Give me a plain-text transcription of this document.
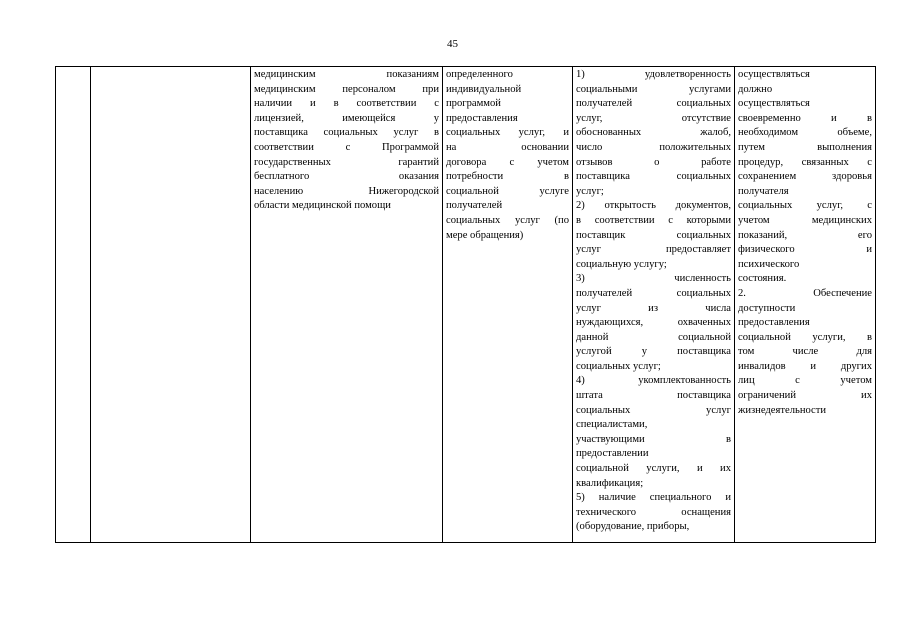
45

медицинским показаниям
медицинским персоналом при
наличии и в соответствии с
лицензией, имеющейся у
поставщика социальных услуг в
соответствии с Программой
государственных гарантий
бесплатного оказания
населению Нижегородской
области медицинской помощи

определенного
индивидуальной
программой
предоставления
социальных услуг, и
на основании
договора с учетом
потребности в
социальной услуге
получателей
социальных услуг (по
мере обращения)

1) удовлетворенность
социальными услугами
получателей социальных
услуг, отсутствие
обоснованных жалоб,
число положительных
отзывов о работе
поставщика социальных
услуг;
2) открытость документов,
в соответствии с которыми
поставщик социальных
услуг предоставляет
социальную услугу;
3) численность
получателей социальных
услуг из числа
нуждающихся, охваченных
данной социальной
услугой у поставщика
социальных услуг;
4) укомплектованность
штата поставщика
социальных услуг
специалистами,
участвующими в
предоставлении
социальной услуги, и их
квалификация;
5) наличие специального и
технического оснащения
(оборудование, приборы,

осуществляться
должно
осуществляться
своевременно и в
необходимом объеме,
путем выполнения
процедур, связанных с
сохранением здоровья
получателя
социальных услуг, с
учетом медицинских
показаний, его
физического и
психического
состояния.
2. Обеспечение
доступности
предоставления
социальной услуги, в
том числе для
инвалидов и других
лиц с учетом
ограничений их
жизнедеятельности
